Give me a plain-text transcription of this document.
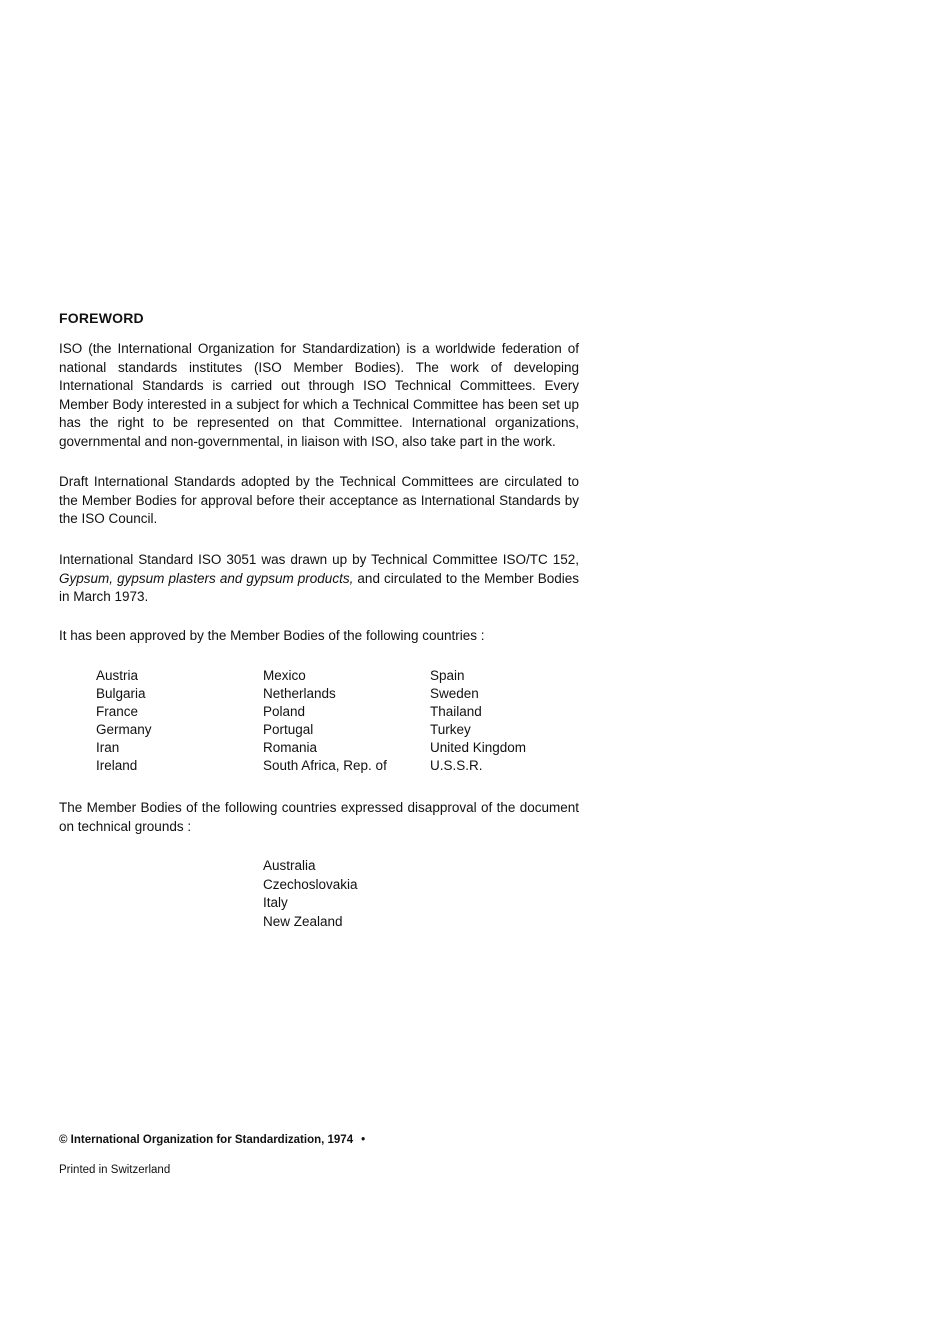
FOREWORD

ISO (the International Organization for Standardization) is a worldwide federation of national standards institutes (ISO Member Bodies). The work of developing International Standards is carried out through ISO Technical Committees. Every Member Body interested in a subject for which a Technical Committee has been set up has the right to be represented on that Committee. International organizations, governmental and non-governmental, in liaison with ISO, also take part in the work.

Draft International Standards adopted by the Technical Committees are circulated to the Member Bodies for approval before their acceptance as International Standards by the ISO Council.

International Standard ISO 3051 was drawn up by Technical Committee ISO/TC 152, Gypsum, gypsum plasters and gypsum products, and circulated to the Member Bodies in March 1973.

It has been approved by the Member Bodies of the following countries :

Austria
Bulgaria
France
Germany
Iran
Ireland
Mexico
Netherlands
Poland
Portugal
Romania
South Africa, Rep. of
Spain
Sweden
Thailand
Turkey
United Kingdom
U.S.S.R.

The Member Bodies of the following countries expressed disapproval of the document on technical grounds :

Australia
Czechoslovakia
Italy
New Zealand
© International Organization for Standardization, 1974 •
Printed in Switzerland
